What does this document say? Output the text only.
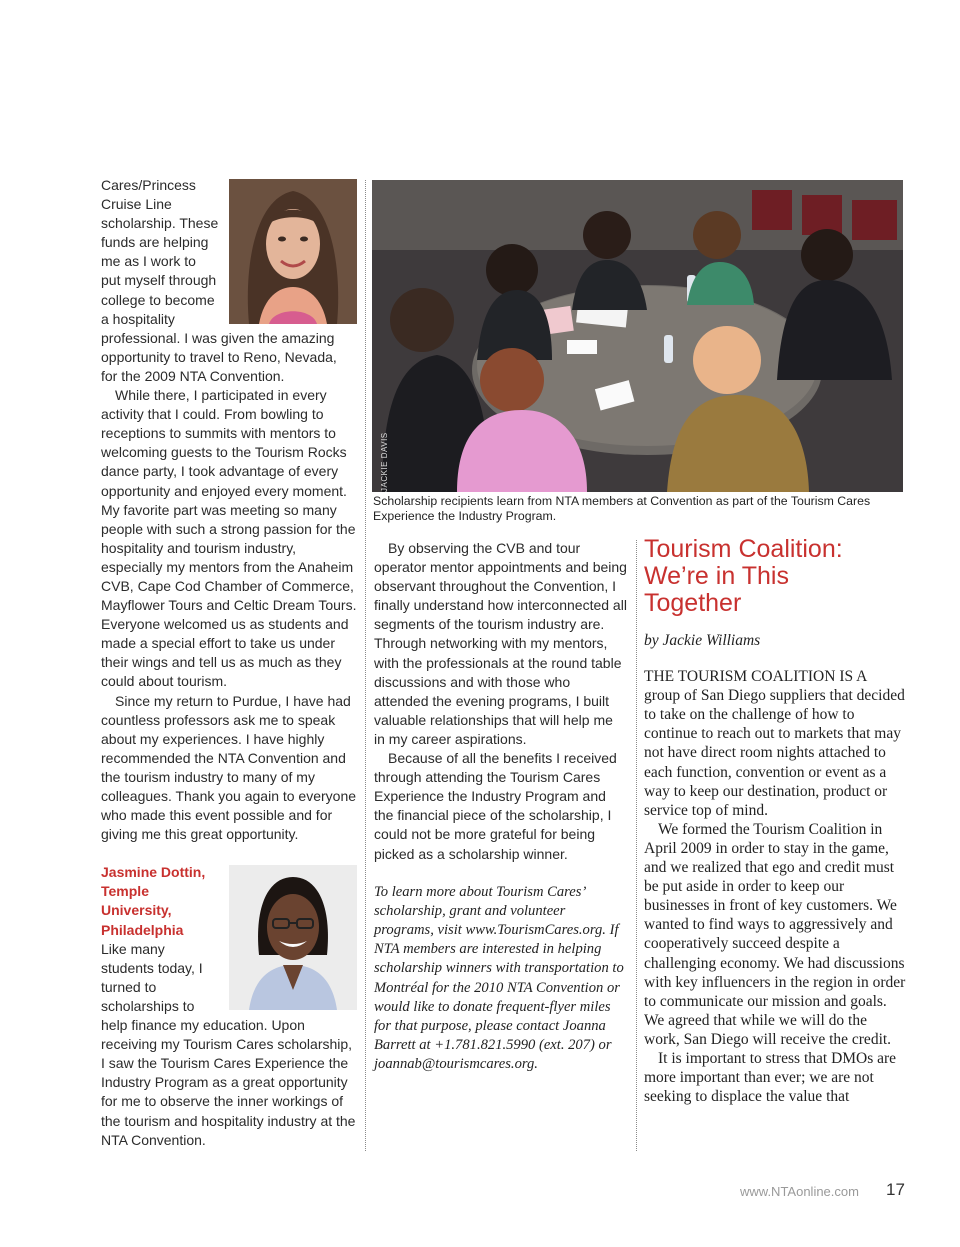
Cares/Princess Cruise Line scholarship. These funds are helping me as I work to put myself through college to become a hospitality professional. I was given the amazing opportunity to travel to Reno, Nevada, for the 2009 NTA Convention.

While there, I participated in every activity that I could. From bowling to receptions to summits with mentors to welcoming guests to the Tourism Rocks dance party, I took advantage of every opportunity and enjoyed every moment. My favorite part was meeting so many people with such a strong passion for the hospitality and tourism industry, especially my mentors from the Anaheim CVB, Cape Cod Chamber of Commerce, Mayflower Tours and Celtic Dream Tours. Everyone welcomed us as students and made a special effort to take us under their wings and tell us as much as they could about tourism.

Since my return to Purdue, I have had countless professors ask me to speak about my experiences. I have highly recommended the NTA Convention and the tourism industry to many of my colleagues. Thank you again to everyone who made this event possible and for giving me this great opportunity.

Jasmine Dottin,

Temple

University,

Philadelphia

Like many students today, I turned to scholarships to help finance my education. Upon receiving my Tourism Cares scholarship, I saw the Tourism Cares Experience the Industry Program as a great opportunity for me to observe the inner workings of the tourism and hospitality industry at the NTA Convention.

JACKIE DAVIS
Scholarship recipients learn from NTA members at Convention as part of the Tourism Cares Experience the Industry Program.

By observing the CVB and tour operator mentor appointments and being observant throughout the Convention, I finally understand how interconnected all segments of the tourism industry are. Through networking with my mentors, with the professionals at the round table discussions and with those who attended the evening programs, I built valuable relationships that will help me in my career aspirations.

Because of all the benefits I received through attending the Tourism Cares Experience the Industry Program and the financial piece of the scholarship, I could not be more grateful for being picked as a scholarship winner.

To learn more about Tourism Cares’ scholarship, grant and volunteer programs, visit www.TourismCares.org. If NTA members are interested in helping scholarship winners with transportation to Montréal for the 2010 NTA Convention or would like to donate frequent-flyer miles for that purpose, please contact Joanna Barrett at +1.781.821.5990 (ext. 207) or joannab@tourismcares.org.

Tourism Coalition:
We’re in This
Together

by Jackie Williams

THE TOURISM COALITION IS A group of San Diego suppliers that decided to take on the challenge of how to continue to reach out to markets that may not have direct room nights attached to each function, convention or event as a way to keep our destination, product or service top of mind.

We formed the Tourism Coalition in April 2009 in order to stay in the game, and we realized that ego and credit must be put aside in order to keep our businesses in front of key customers. We wanted to find ways to aggressively and cooperatively succeed despite a challenging economy. We had discussions with key influencers in the region in order to communicate our mission and goals. We agreed that while we will do the work, San Diego will receive the credit.

It is important to stress that DMOs are more important than ever; we are not seeking to displace the value that

www.NTAonline.com 17
